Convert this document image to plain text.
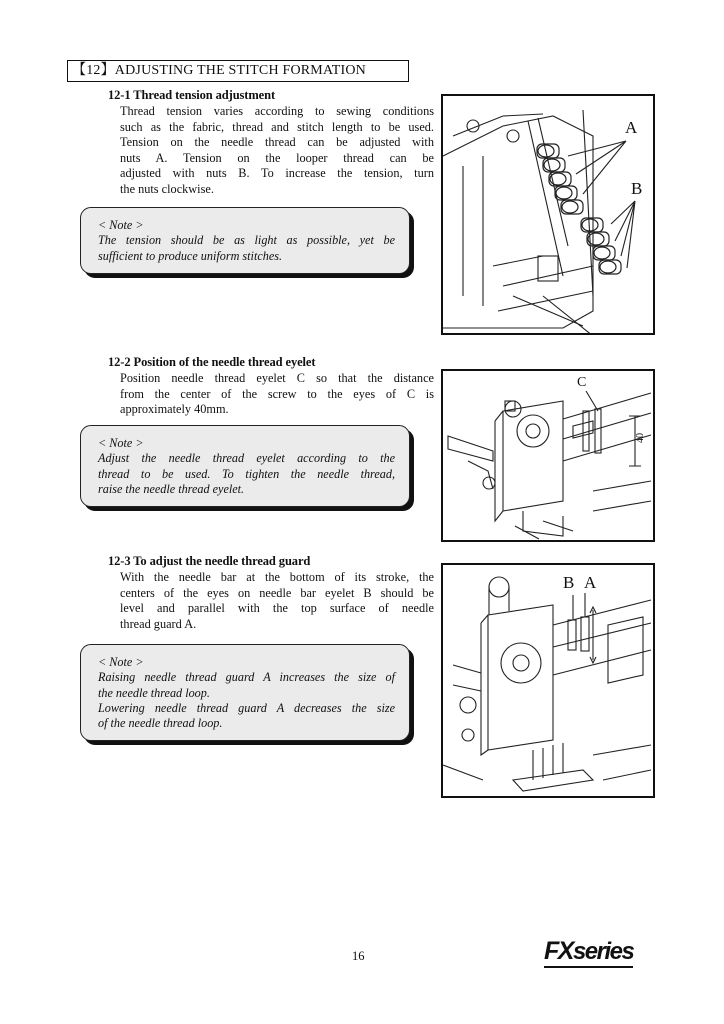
【12】ADJUSTING THE STITCH FORMATION
12-1 Thread tension adjustment
Thread tension varies according to sewing conditions
such as the fabric, thread and stitch length to be used.
Tension on the needle thread can be adjusted with
nuts A. Tension on the looper thread can be
adjusted with nuts B. To increase the tension, turn
the nuts clockwise.
< Note >
The tension should be as light as possible, yet be
sufficient to produce uniform stitches.
A
B
12-2 Position of the needle thread eyelet
Position needle thread eyelet C so that the distance
from the center of the screw to the eyes of C is
approximately 40mm.
< Note >
Adjust the needle thread eyelet according to the
thread to be used. To tighten the needle thread,
raise the needle thread eyelet.
C
40
12-3 To adjust the needle thread guard
With the needle bar at the bottom of its stroke, the
centers of the eyes on needle bar eyelet B should be
level and parallel with the top surface of needle
thread guard A.
< Note >
Raising needle thread guard A increases the size of
the needle thread loop.
Lowering needle thread guard A decreases the size
of the needle thread loop.
B A
16	FXseries
